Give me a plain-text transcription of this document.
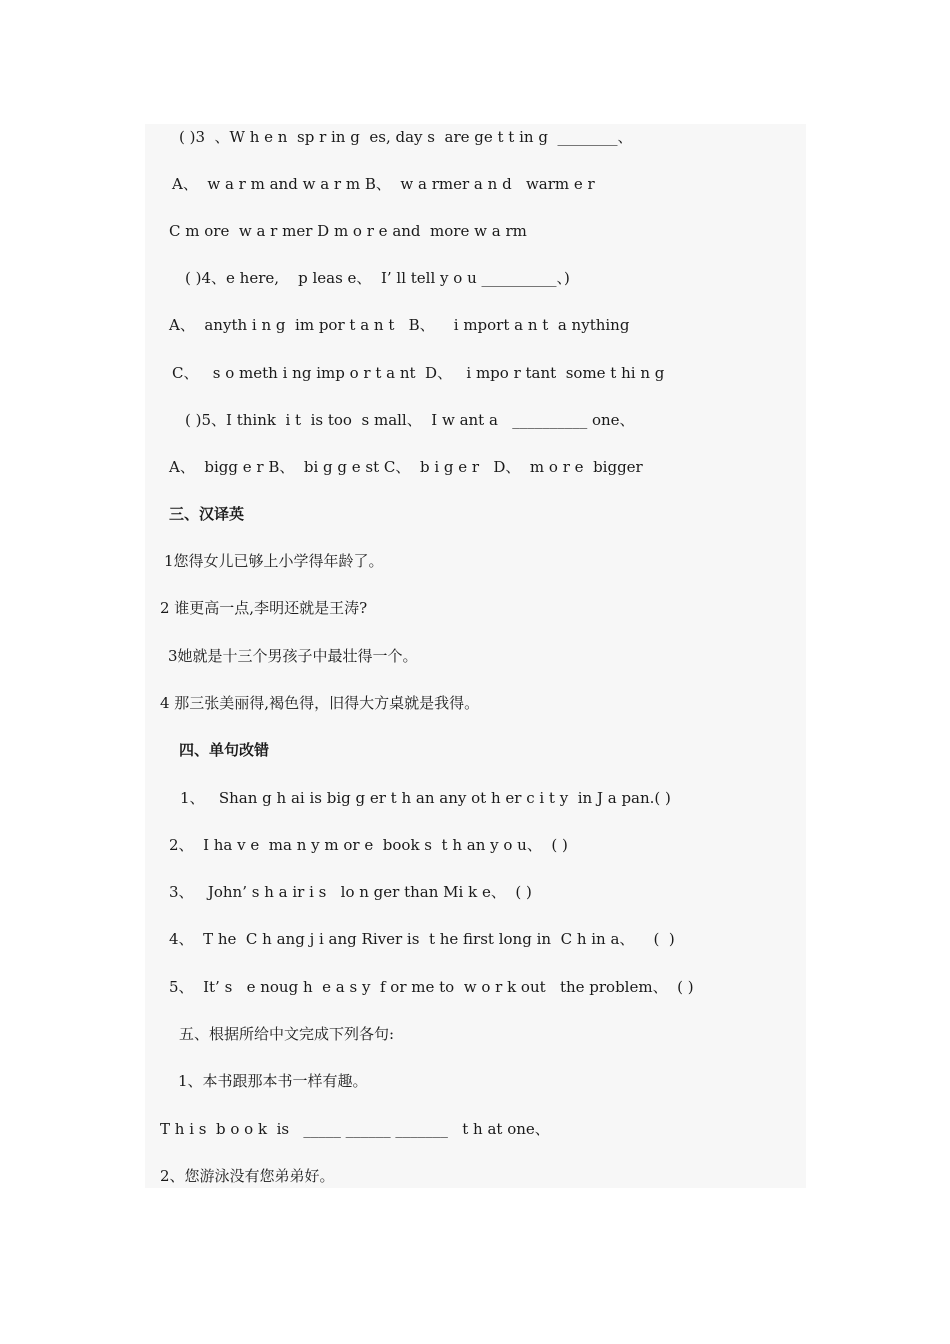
( )3  、W h e n  sp r in g  es, day s  are ge t t in g  ________、
A、  w a r m and w a r m B、  w a rmer a n d   warm e r
C m ore  w a r mer D m o r e and  more w a rm
( )4、e here,    p leas e、  I’ ll tell y o u __________、)
A、  anyth i n g  im por t a n t   B、    i mport a n t  a nything
C、   s o meth i ng imp o r t a nt  D、   i mpo r tant  some t hi n g
( )5、I think  i t  is too  s mall、  I w ant a   __________ one、
A、  bigg e r B、  bi g g e st C、  b i g e r   D、  m o r e  bigger
三、汉译英
1您得女儿已够上小学得年龄了。
2 谁更高一点,李明还就是王涛?
3她就是十三个男孩子中最壮得一个。
4 那三张美丽得,褐色得，旧得大方桌就是我得。
四、单句改错
1、   Shan g h ai is big g er t h an any ot h er c i t y  in J a pan.( )
2、  I ha v e  ma n y m or e  book s  t h an y o u、  ( )
3、   John’ s h a ir i s   lo n ger than Mi k e、  ( )
4、  T he  C h ang j i ang River is  t he first long in  C h in a、    (  )
5、  It’ s   e noug h  e a s y  f or me to  w o r k out   the problem、  ( )
五、根据所给中文完成下列各句:
1、本书跟那本书一样有趣。
T h i s  b o o k  is   _____ ______ _______   t h at one、
2、您游泳没有您弟弟好。
